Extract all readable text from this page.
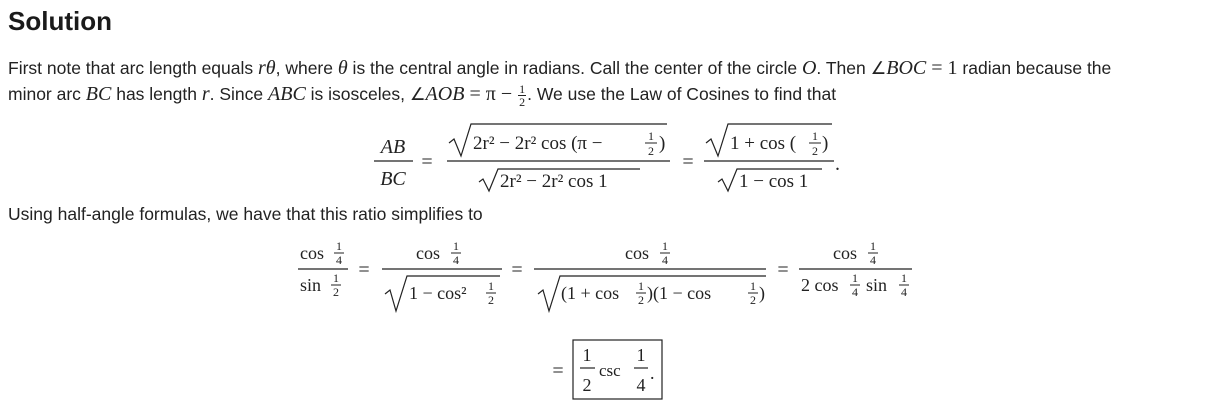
Solution

First note that arc length equals rθ, where θ is the central angle in radians. Call the center of the circle O. Then ∠BOC = 1 radian because the
minor arc BC has length r. Since ABC is isosceles, ∠AOB = $\pi - \frac{1}{2}$ . We use the Law of Cosines to find that

Using half-angle formulas, we have that this ratio simplifies to

AB
BC
=
2r² − 2r² cos (π −	1
2 )
2r² − 2r² cos 1
=
1 + cos ( 1
2 )
1 − cos 1
.
cos 1
4
sin 1
2
=
cos 1
4
1 − cos² 1
2
=
cos 1
4
(1 + cos 1
2 )(1 − cos	1
2 )
=
cos 1
4
2 cos 1
4 sin 1
4
=
1
2
csc
1
4
.
